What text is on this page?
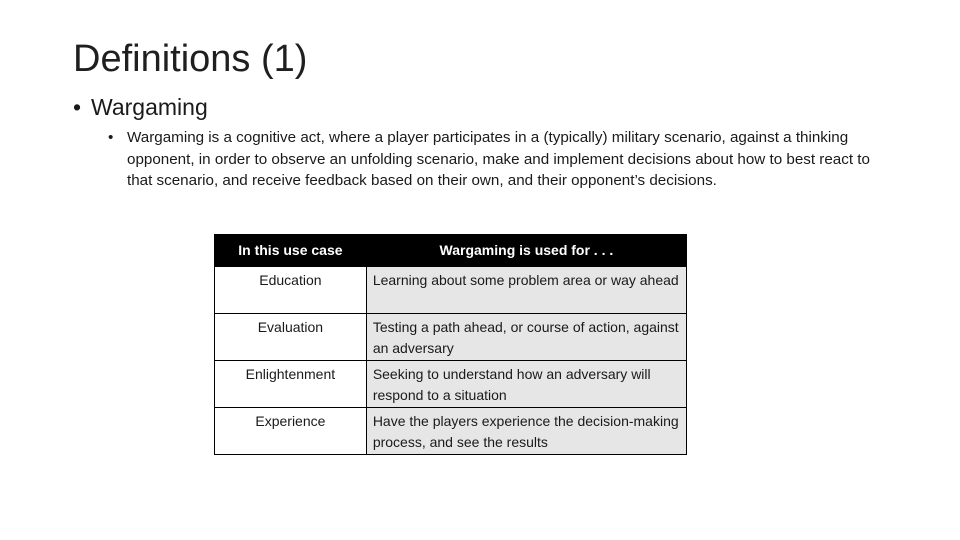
Definitions (1)
• Wargaming
• Wargaming is a cognitive act, where a player participates in a (typically) military scenario, against a thinking opponent, in order to observe an unfolding scenario, make and implement decisions about how to best react to that scenario, and receive feedback based on their own, and their opponent’s decisions.
In this use case	Wargaming is used for . . .
Education	Learning about some problem area or way ahead
Evaluation	Testing a path ahead, or course of action, against an adversary
Enlightenment	Seeking to understand how an adversary will respond to a situation
Experience	Have the players experience the decision-making process, and see the results
